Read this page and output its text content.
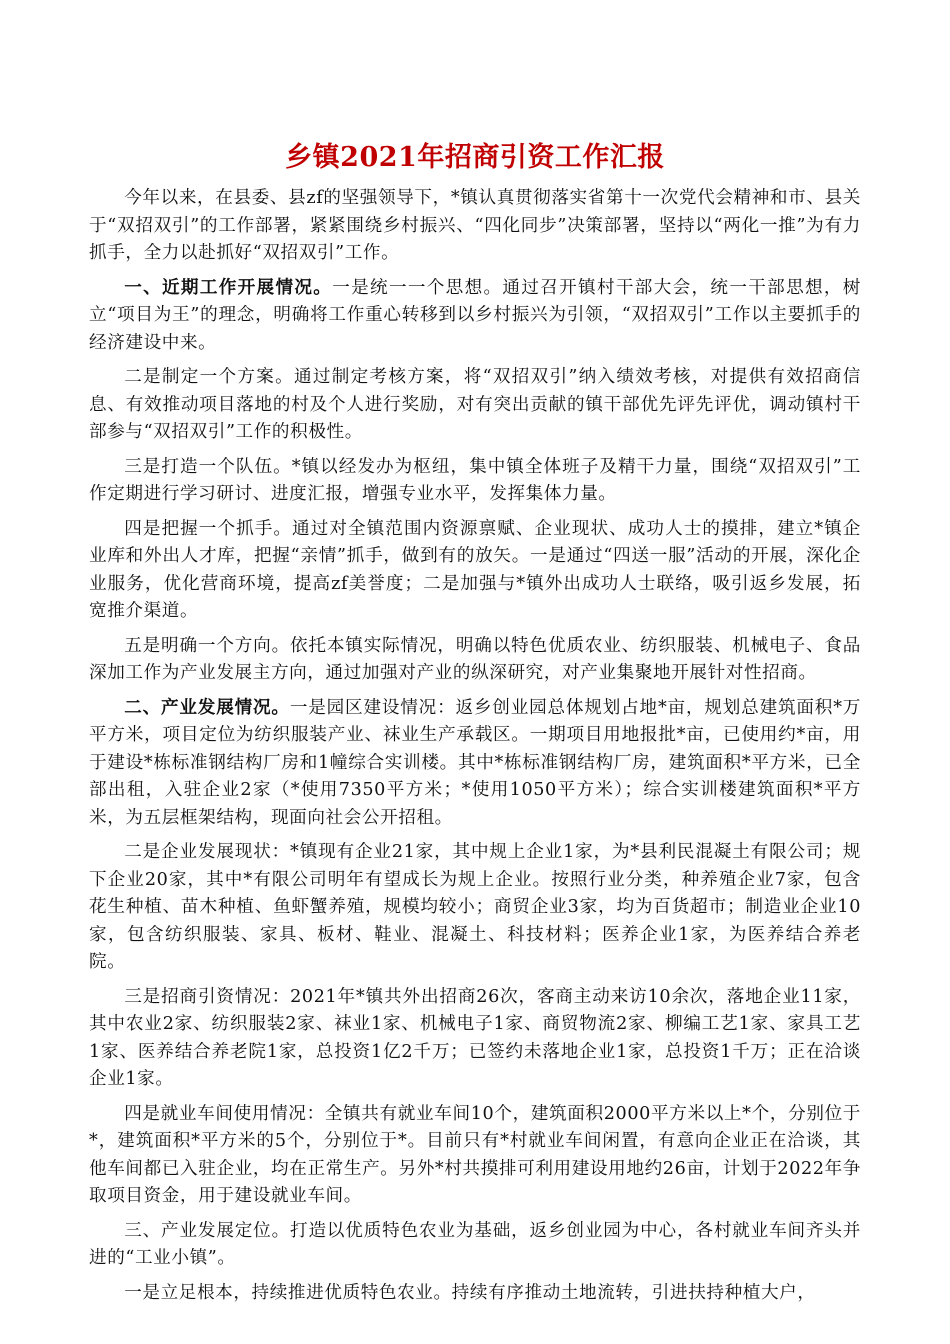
乡镇2021年招商引资工作汇报

今年以来，在县委、县zf的坚强领导下，*镇认真贯彻落实省第十一次党代会精神和市、县关于“双招双引”的工作部署，紧紧围绕乡村振兴、“四化同步”决策部署，坚持以“两化一推”为有力抓手，全力以赴抓好“双招双引”工作。

一、近期工作开展情况。一是统一一个思想。通过召开镇村干部大会，统一干部思想，树立“项目为王”的理念，明确将工作重心转移到以乡村振兴为引领，“双招双引”工作以主要抓手的经济建设中来。

二是制定一个方案。通过制定考核方案，将“双招双引”纳入绩效考核，对提供有效招商信息、有效推动项目落地的村及个人进行奖励，对有突出贡献的镇干部优先评先评优，调动镇村干部参与“双招双引”工作的积极性。

三是打造一个队伍。*镇以经发办为枢纽，集中镇全体班子及精干力量，围绕“双招双引”工作定期进行学习研讨、进度汇报，增强专业水平，发挥集体力量。

四是把握一个抓手。通过对全镇范围内资源禀赋、企业现状、成功人士的摸排，建立*镇企业库和外出人才库，把握“亲情”抓手，做到有的放矢。一是通过“四送一服”活动的开展，深化企业服务，优化营商环境，提高zf美誉度；二是加强与*镇外出成功人士联络，吸引返乡发展，拓宽推介渠道。

五是明确一个方向。依托本镇实际情况，明确以特色优质农业、纺织服装、机械电子、食品深加工作为产业发展主方向，通过加强对产业的纵深研究，对产业集聚地开展针对性招商。

二、产业发展情况。一是园区建设情况：返乡创业园总体规划占地*亩，规划总建筑面积*万平方米，项目定位为纺织服装产业、袜业生产承载区。一期项目用地报批*亩，已使用约*亩，用于建设*栋标准钢结构厂房和1幢综合实训楼。其中*栋标准钢结构厂房，建筑面积*平方米，已全部出租，入驻企业2家（*使用7350平方米；*使用1050平方米）；综合实训楼建筑面积*平方米，为五层框架结构，现面向社会公开招租。

二是企业发展现状：*镇现有企业21家，其中规上企业1家，为*县利民混凝土有限公司；规下企业20家，其中*有限公司明年有望成长为规上企业。按照行业分类，种养殖企业7家，包含花生种植、苗木种植、鱼虾蟹养殖，规模均较小；商贸企业3家，均为百货超市；制造业企业10家，包含纺织服装、家具、板材、鞋业、混凝土、科技材料；医养企业1家，为医养结合养老院。

三是招商引资情况：2021年*镇共外出招商26次，客商主动来访10余次，落地企业11家，其中农业2家、纺织服装2家、袜业1家、机械电子1家、商贸物流2家、柳编工艺1家、家具工艺1家、医养结合养老院1家，总投资1亿2千万；已签约未落地企业1家，总投资1千万；正在洽谈企业1家。

四是就业车间使用情况：全镇共有就业车间10个，建筑面积2000平方米以上*个，分别位于*，建筑面积*平方米的5个，分别位于*。目前只有*村就业车间闲置，有意向企业正在洽谈，其他车间都已入驻企业，均在正常生产。另外*村共摸排可利用建设用地约26亩，计划于2022年争取项目资金，用于建设就业车间。

三、产业发展定位。打造以优质特色农业为基础，返乡创业园为中心，各村就业车间齐头并进的“工业小镇”。

一是立足根本，持续推进优质特色农业。持续有序推动土地流转，引进扶持种植大户，
